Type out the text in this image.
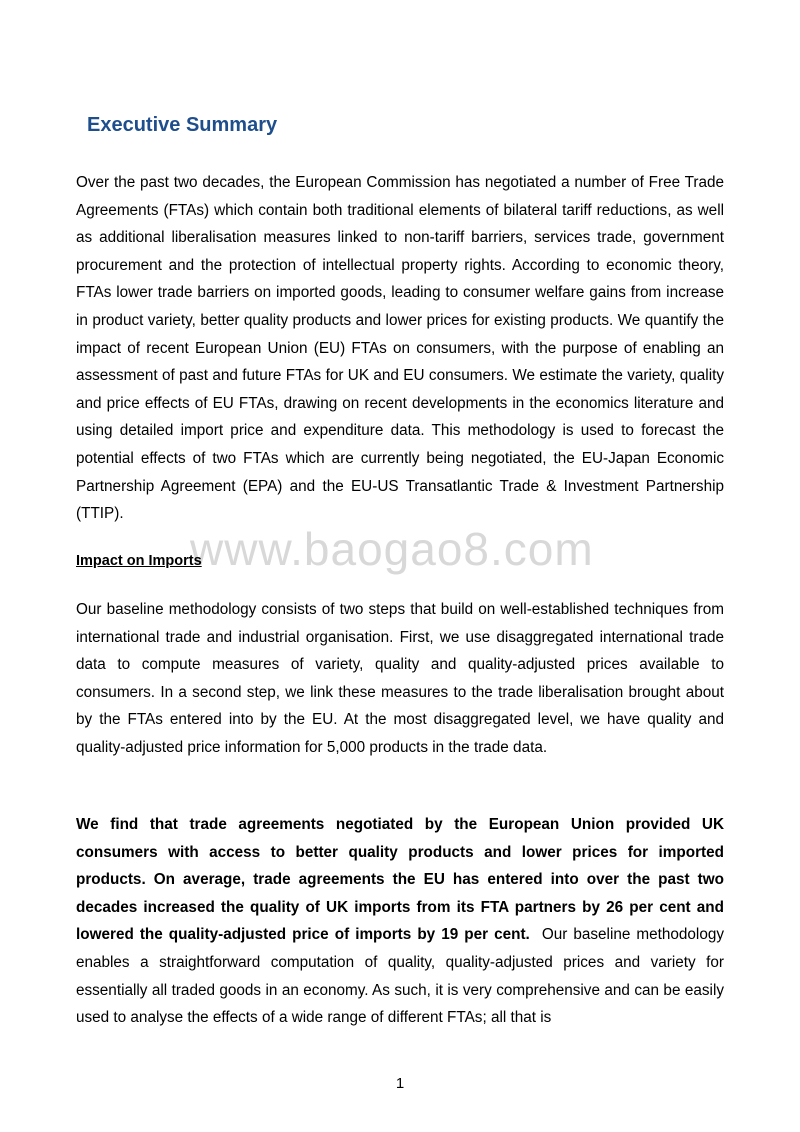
Executive Summary

Over the past two decades, the European Commission has negotiated a number of Free Trade Agreements (FTAs) which contain both traditional elements of bilateral tariff reductions, as well as additional liberalisation measures linked to non-tariff barriers, services trade, government procurement and the protection of intellectual property rights. According to economic theory, FTAs lower trade barriers on imported goods, leading to consumer welfare gains from increase in product variety, better quality products and lower prices for existing products. We quantify the impact of recent European Union (EU) FTAs on consumers, with the purpose of enabling an assessment of past and future FTAs for UK and EU consumers. We estimate the variety, quality and price effects of EU FTAs, drawing on recent developments in the economics literature and using detailed import price and expenditure data. This methodology is used to forecast the potential effects of two FTAs which are currently being negotiated, the EU-Japan Economic Partnership Agreement (EPA) and the EU-US Transatlantic Trade & Investment Partnership (TTIP).

www.baogao8.com
Impact on Imports

Our baseline methodology consists of two steps that build on well-established techniques from international trade and industrial organisation. First, we use disaggregated international trade data to compute measures of variety, quality and quality-adjusted prices available to consumers. In a second step, we link these measures to the trade liberalisation brought about by the FTAs entered into by the EU. At the most disaggregated level, we have quality and quality-adjusted price information for 5,000 products in the trade data.

We find that trade agreements negotiated by the European Union provided UK consumers with access to better quality products and lower prices for imported products. On average, trade agreements the EU has entered into over the past two decades increased the quality of UK imports from its FTA partners by 26 per cent and lowered the quality-adjusted price of imports by 19 per cent. Our baseline methodology enables a straightforward computation of quality, quality-adjusted prices and variety for essentially all traded goods in an economy. As such, it is very comprehensive and can be easily used to analyse the effects of a wide range of different FTAs; all that is

1
